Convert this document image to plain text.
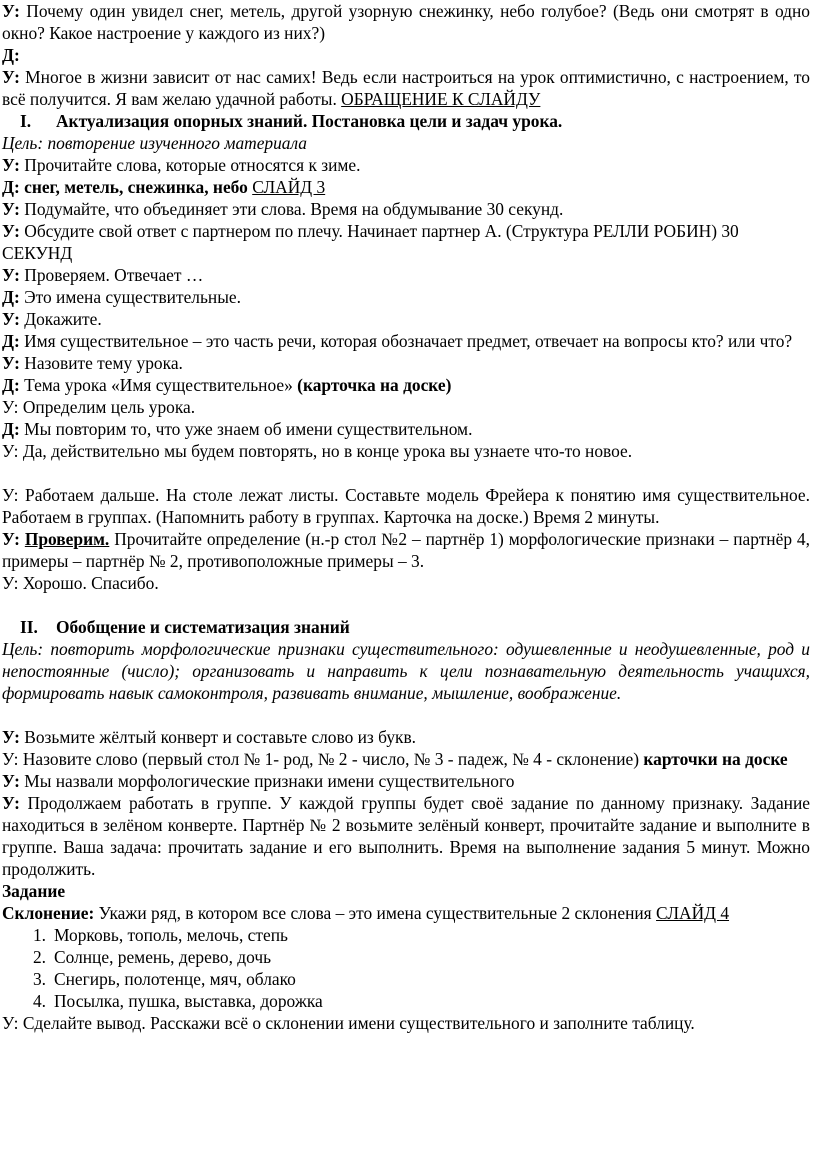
У: Почему один увидел снег, метель, другой узорную снежинку, небо голубое? (Ведь они смотрят в одно окно? Какое настроение у каждого из них?)

Д:

У: Многое в жизни зависит от нас самих! Ведь если настроиться на урок оптимистично, с настроением, то всё получится. Я вам желаю удачной работы. ОБРАЩЕНИЕ К СЛАЙДУ

I.	Актуализация опорных знаний. Постановка цели и задач урока.

Цель: повторение изученного материала

У: Прочитайте слова, которые относятся к зиме.

Д: снег, метель, снежинка, небо СЛАЙД 3

У: Подумайте, что объединяет эти слова. Время на обдумывание 30 секунд.

У: Обсудите свой ответ с партнером по плечу. Начинает партнер А. (Структура РЕЛЛИ РОБИН) 30 СЕКУНД

У: Проверяем. Отвечает …

Д: Это имена существительные.

У: Докажите.

Д: Имя существительное – это часть речи, которая обозначает предмет, отвечает на вопросы кто? или что?

У: Назовите тему урока.

Д: Тема урока «Имя существительное» (карточка на доске)

У: Определим цель урока.

Д: Мы повторим то, что уже знаем об имени существительном.

У: Да, действительно мы будем повторять, но в конце урока вы узнаете что-то новое.

У: Работаем дальше. На столе лежат листы. Составьте модель Фрейера к понятию имя существительное. Работаем в группах. (Напомнить работу в группах. Карточка на доске.) Время 2 минуты.

У: Проверим. Прочитайте определение (н.-р стол №2 – партнёр 1) морфологические признаки – партнёр 4, примеры – партнёр № 2, противоположные примеры – 3.

У: Хорошо. Спасибо.

II.	Обобщение и систематизация знаний

Цель: повторить морфологические признаки существительного: одушевленные и неодушевленные, род и непостоянные (число); организовать и направить к цели познавательную деятельность учащихся, формировать навык самоконтроля, развивать внимание, мышление, воображение.

У: Возьмите жёлтый конверт и составьте слово из букв.

У: Назовите слово (первый стол № 1- род, № 2 - число, № 3 - падеж, № 4 - склонение) карточки на доске

У: Мы назвали морфологические признаки имени существительного

У: Продолжаем работать в группе. У каждой группы будет своё задание по данному признаку. Задание находиться в зелёном конверте. Партнёр № 2 возьмите зелёный конверт, прочитайте задание и выполните в группе. Ваша задача: прочитать задание и его выполнить. Время на выполнение задания 5 минут. Можно продолжить.

Задание

Склонение: Укажи ряд, в котором все слова – это имена существительные 2 склонения СЛАЙД 4

1. Морковь, тополь, мелочь, степь
2. Солнце, ремень, дерево, дочь
3. Снегирь, полотенце, мяч, облако
4. Посылка, пушка, выставка, дорожка

У: Сделайте вывод. Расскажи всё о склонении имени существительного и заполните таблицу.
